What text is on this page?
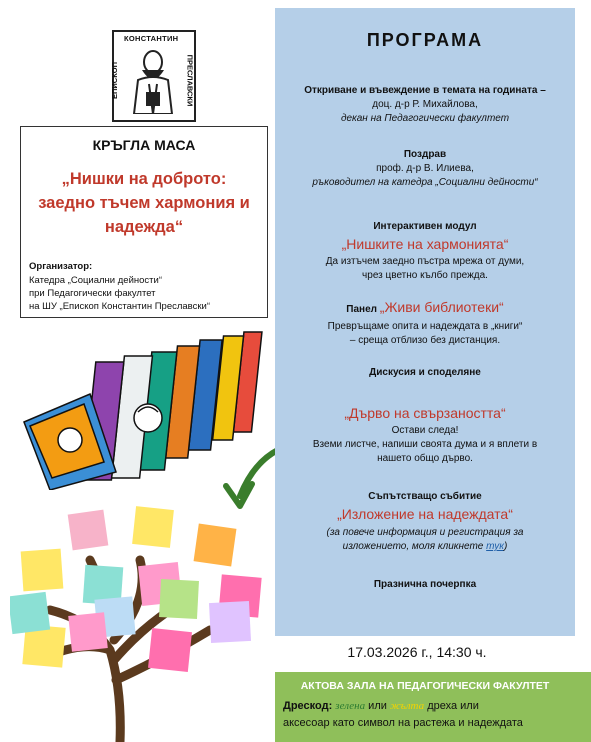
КОНСТАНТИН
ЕПИСКОП	ПРЕСЛАВСКИ
КРЪГЛА МАСА
„Нишки на доброто:
заедно тъчем хармония и
надежда“
Организатор:
Катедра „Социални дейности“
при Педагогически факултет
на ШУ „Епископ Константин Преславски“
ПРОГРАМА
Откриване и въвеждение в темата на годината –
доц. д-р Р. Михайлова,
декан на Педагогически факултет
Поздрав
проф. д-р В. Илиева,
ръководител на катедра „Социални дейности“
Интерактивен модул
„Нишките на хармонията“
Да изтъчем заедно пъстра мрежа от думи,
чрез цветно кълбо прежда.
Панел „Живи библиотеки“
Превръщаме опита и надеждата в „книги“
– среща отблизо без дистанция.
Дискусия и споделяне
„Дърво на свързаността“
Остави следа!
Вземи листче, напиши своята дума и я вплети в
нашето общо дърво.
Съпътстващо събитие
„Изложение на надеждата“
(за повече информация и регистрация за
изложението, моля кликнете тук)
Празнична почерпка
17.03.2026 г., 14:30 ч.
АКТОВА ЗАЛА НА ПЕДАГОГИЧЕСКИ ФАКУЛТЕТ
Дрескод: зелена или жълта дреха или
аксесоар като символ на растежа и надеждата
